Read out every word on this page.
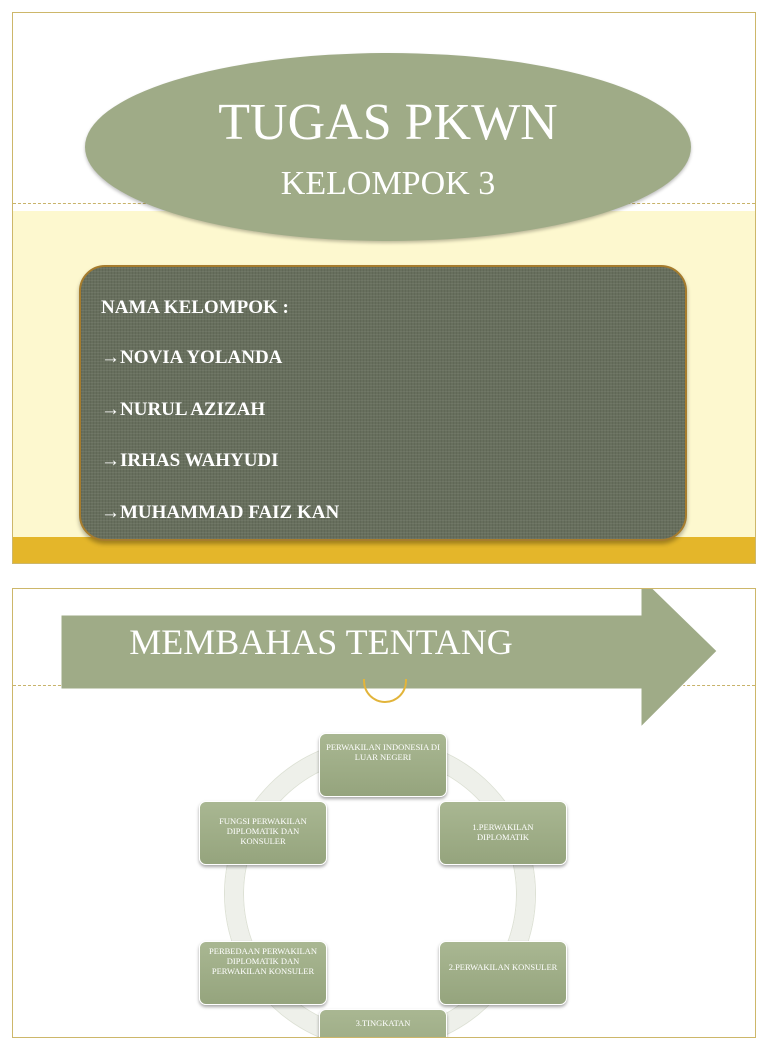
TUGAS PKWN
KELOMPOK 3
NAMA KELOMPOK :
→NOVIA YOLANDA
→NURUL AZIZAH
→IRHAS WAHYUDI
→MUHAMMAD FAIZ KAN
MEMBAHAS TENTANG
PERWAKILAN INDONESIA DI LUAR NEGERI
1.PERWAKILAN DIPLOMATIK
2.PERWAKILAN KONSULER
3.TINGKATAN
PERBEDAAN PERWAKILAN DIPLOMATIK DAN PERWAKILAN KONSULER
FUNGSI PERWAKILAN DIPLOMATIK DAN KONSULER
